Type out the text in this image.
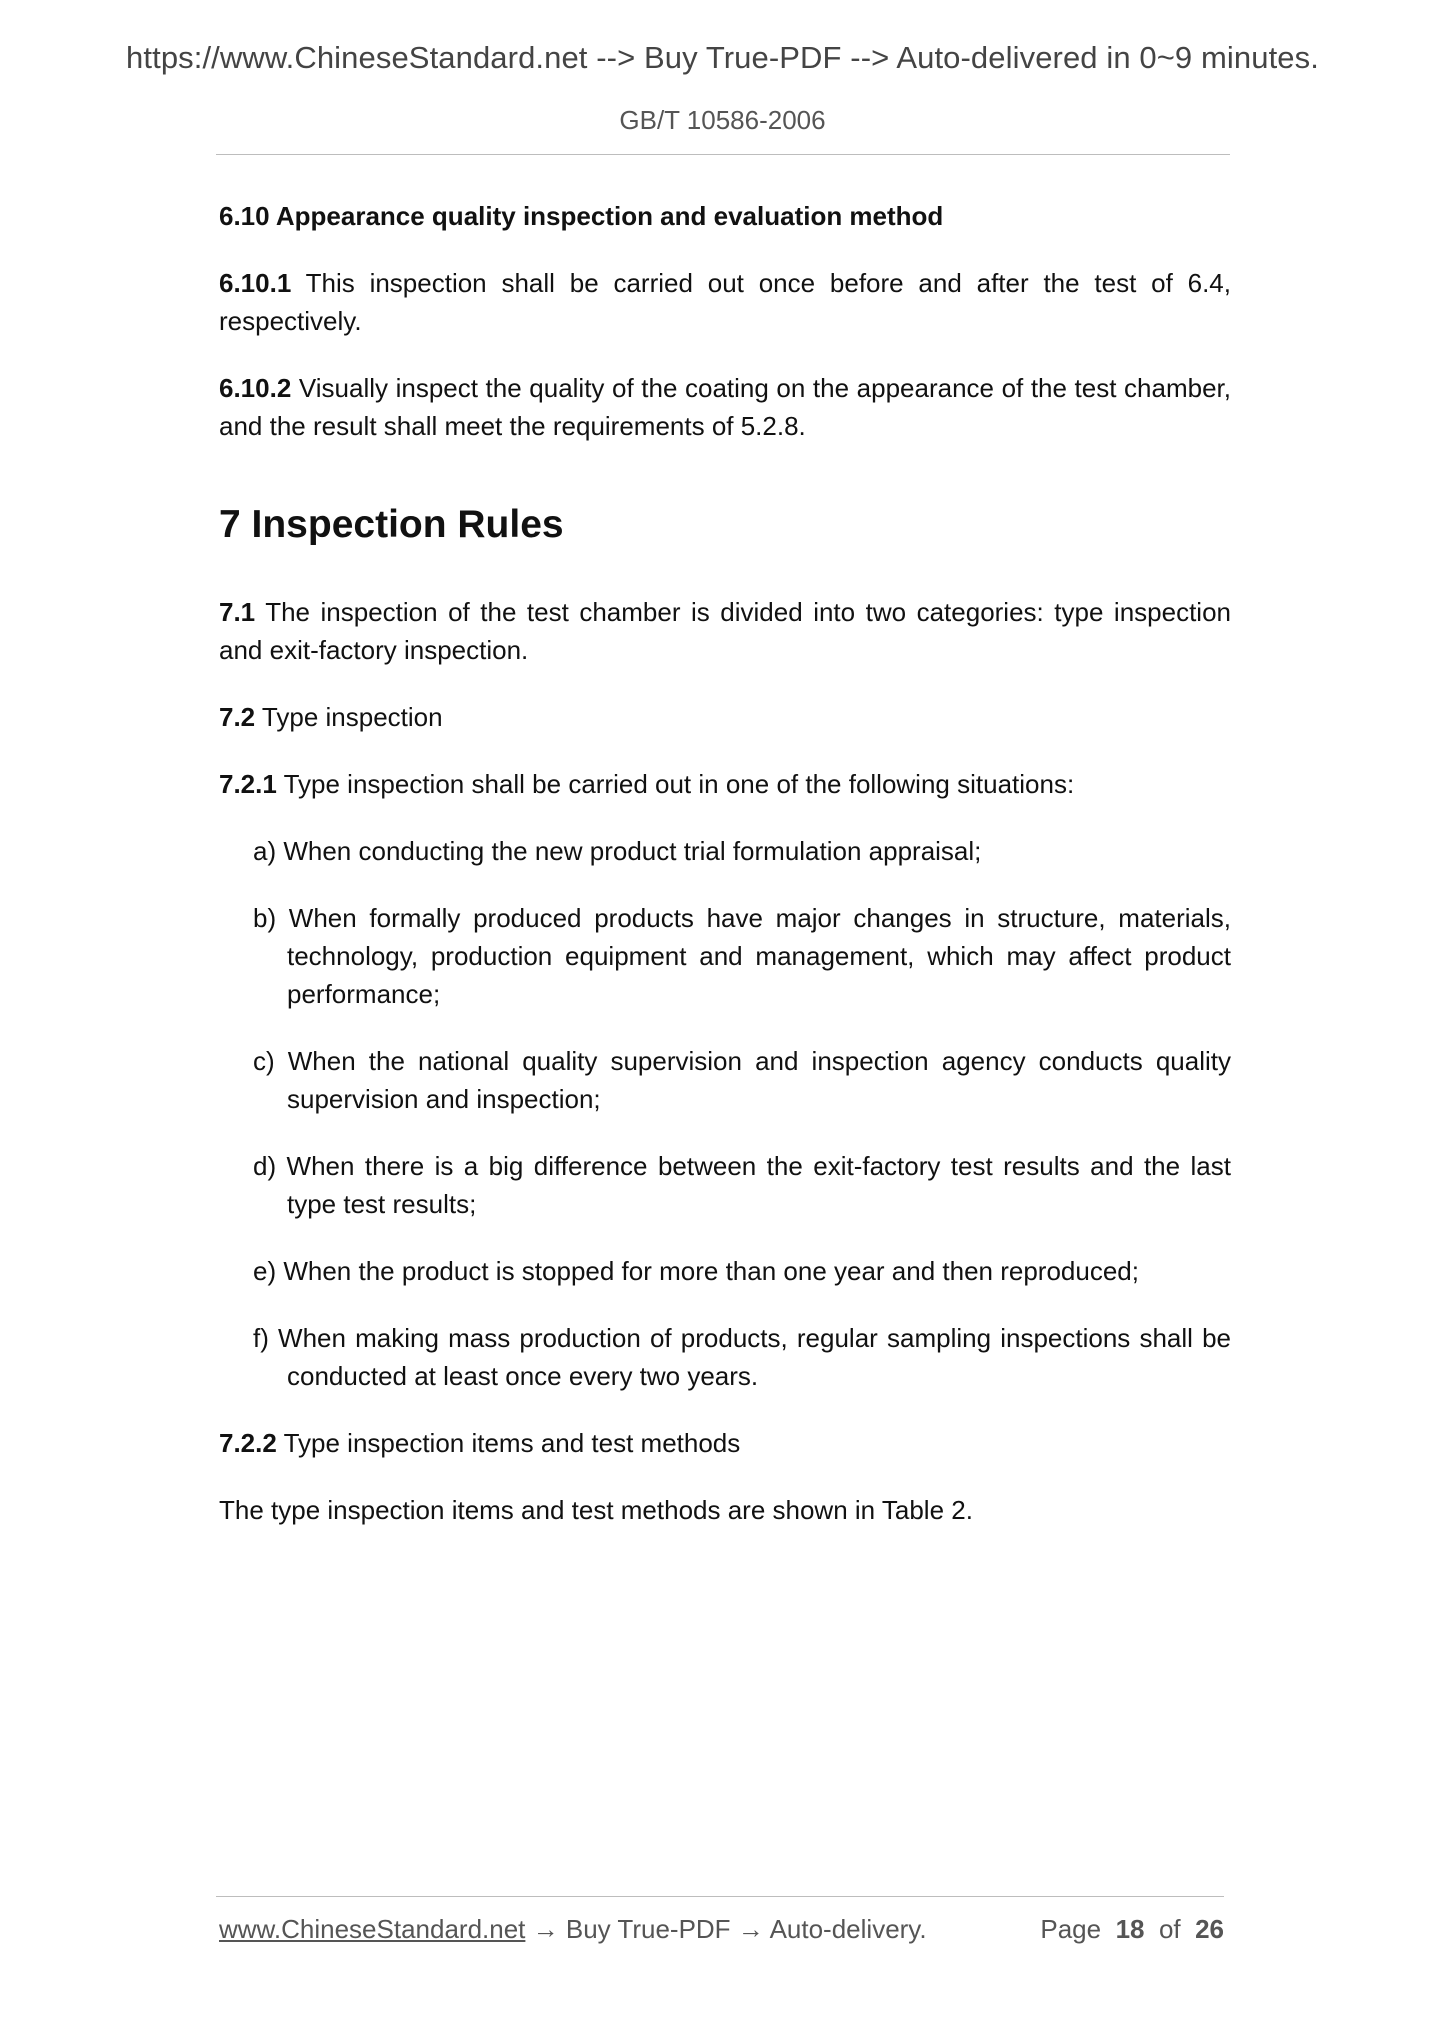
https://www.ChineseStandard.net --> Buy True-PDF --> Auto-delivered in 0~9 minutes.
GB/T 10586-2006

6.10 Appearance quality inspection and evaluation method

6.10.1 This inspection shall be carried out once before and after the test of 6.4, respectively.

6.10.2 Visually inspect the quality of the coating on the appearance of the test chamber, and the result shall meet the requirements of 5.2.8.

7 Inspection Rules

7.1 The inspection of the test chamber is divided into two categories: type inspection and exit-factory inspection.

7.2 Type inspection

7.2.1 Type inspection shall be carried out in one of the following situations:

a) When conducting the new product trial formulation appraisal;

b) When formally produced products have major changes in structure, materials, technology, production equipment and management, which may affect product performance;

c) When the national quality supervision and inspection agency conducts quality supervision and inspection;

d) When there is a big difference between the exit-factory test results and the last type test results;

e) When the product is stopped for more than one year and then reproduced;

f) When making mass production of products, regular sampling inspections shall be conducted at least once every two years.

7.2.2 Type inspection items and test methods

The type inspection items and test methods are shown in Table 2.

www.ChineseStandard.net → Buy True-PDF → Auto-delivery.	Page 18 of 26
